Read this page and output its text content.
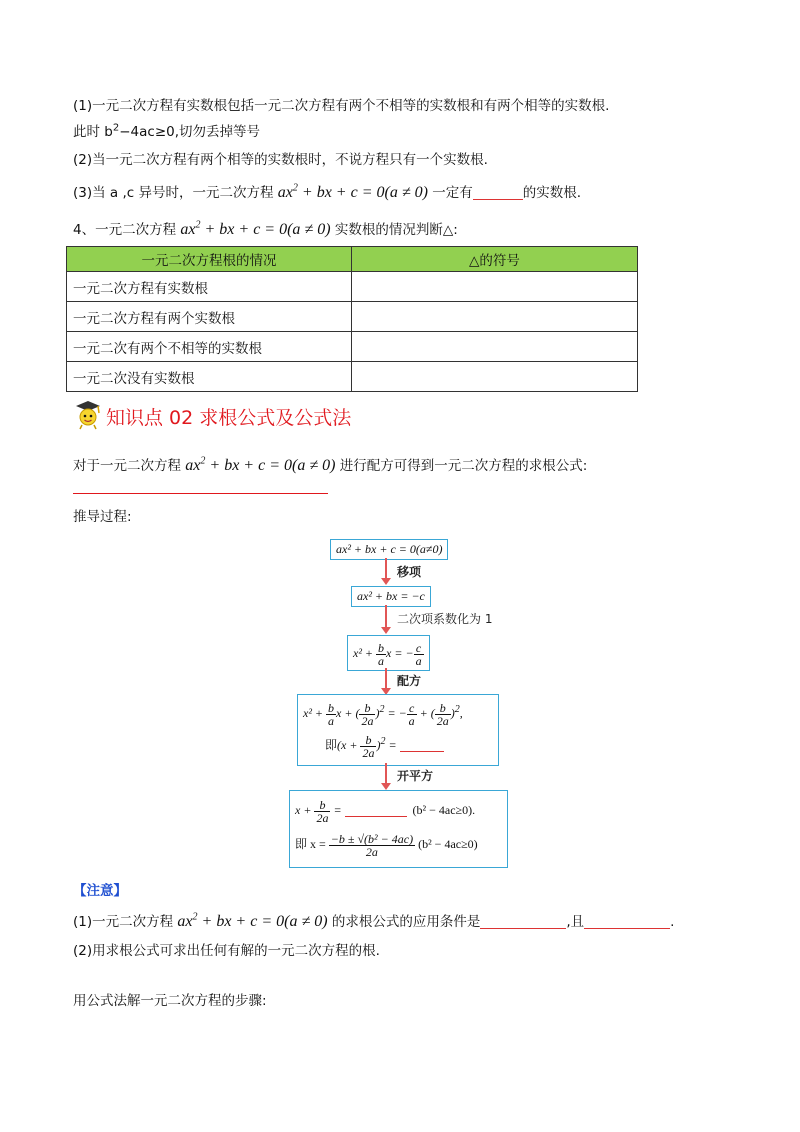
(1)一元二次方程有实数根包括一元二次方程有两个不相等的实数根和有两个相等的实数根.
此时 $b^2-4ac\ge 0$,切勿丢掉等号
(2)当一元二次方程有两个相等的实数根时，不说方程只有一个实数根.
(3)当 a ,c 异号时，一元二次方程 $ax^2$ + bx + c = 0(a ≠ 0) 一定有	的实数根.
4、一元二次方程 $ax^2$ + bx + c = 0(a ≠ 0) 实数根的情况判断△:
一元二次方程根的情况	△的符号
一元二次方程有实数根	
一元二次方程有两个实数根	
一元二次有两个不相等的实数根	
一元二次没有实数根	
知识点 02 求根公式及公式法
对于一元二次方程 $ax^2$ + bx + c = 0(a ≠ 0) 进行配方可得到一元二次方程的求根公式:
推导过程:
ax² + bx + c = 0(a≠0)
移项
ax² + bx = −c
二次项系数化为 1
$x^2 + \frac{b}{a}$ x = − $\frac{c}{a}$
配方
$x^2 + \frac{b}{a}$ x + ( $\frac{b}{2a} )^2$ = − $\frac{c}{a}$ + ( $\frac{b}{2a} )^2$,
即$(x + \frac{b}{2a} )^2$ =
开平方
$x + \frac{b}{2a}$ =	(b² − 4ac≥0).
即 $x = \frac{\text{−b ± √(b² − 4ac)}}{2a} (b^2 - 4ac\ge 0)$
【注意】
(1)一元二次方程 $ax^2$ + bx + c = 0(a ≠ 0) 的求根公式的应用条件是	,且	.
(2)用求根公式可求出任何有解的一元二次方程的根.
用公式法解一元二次方程的步骤:
